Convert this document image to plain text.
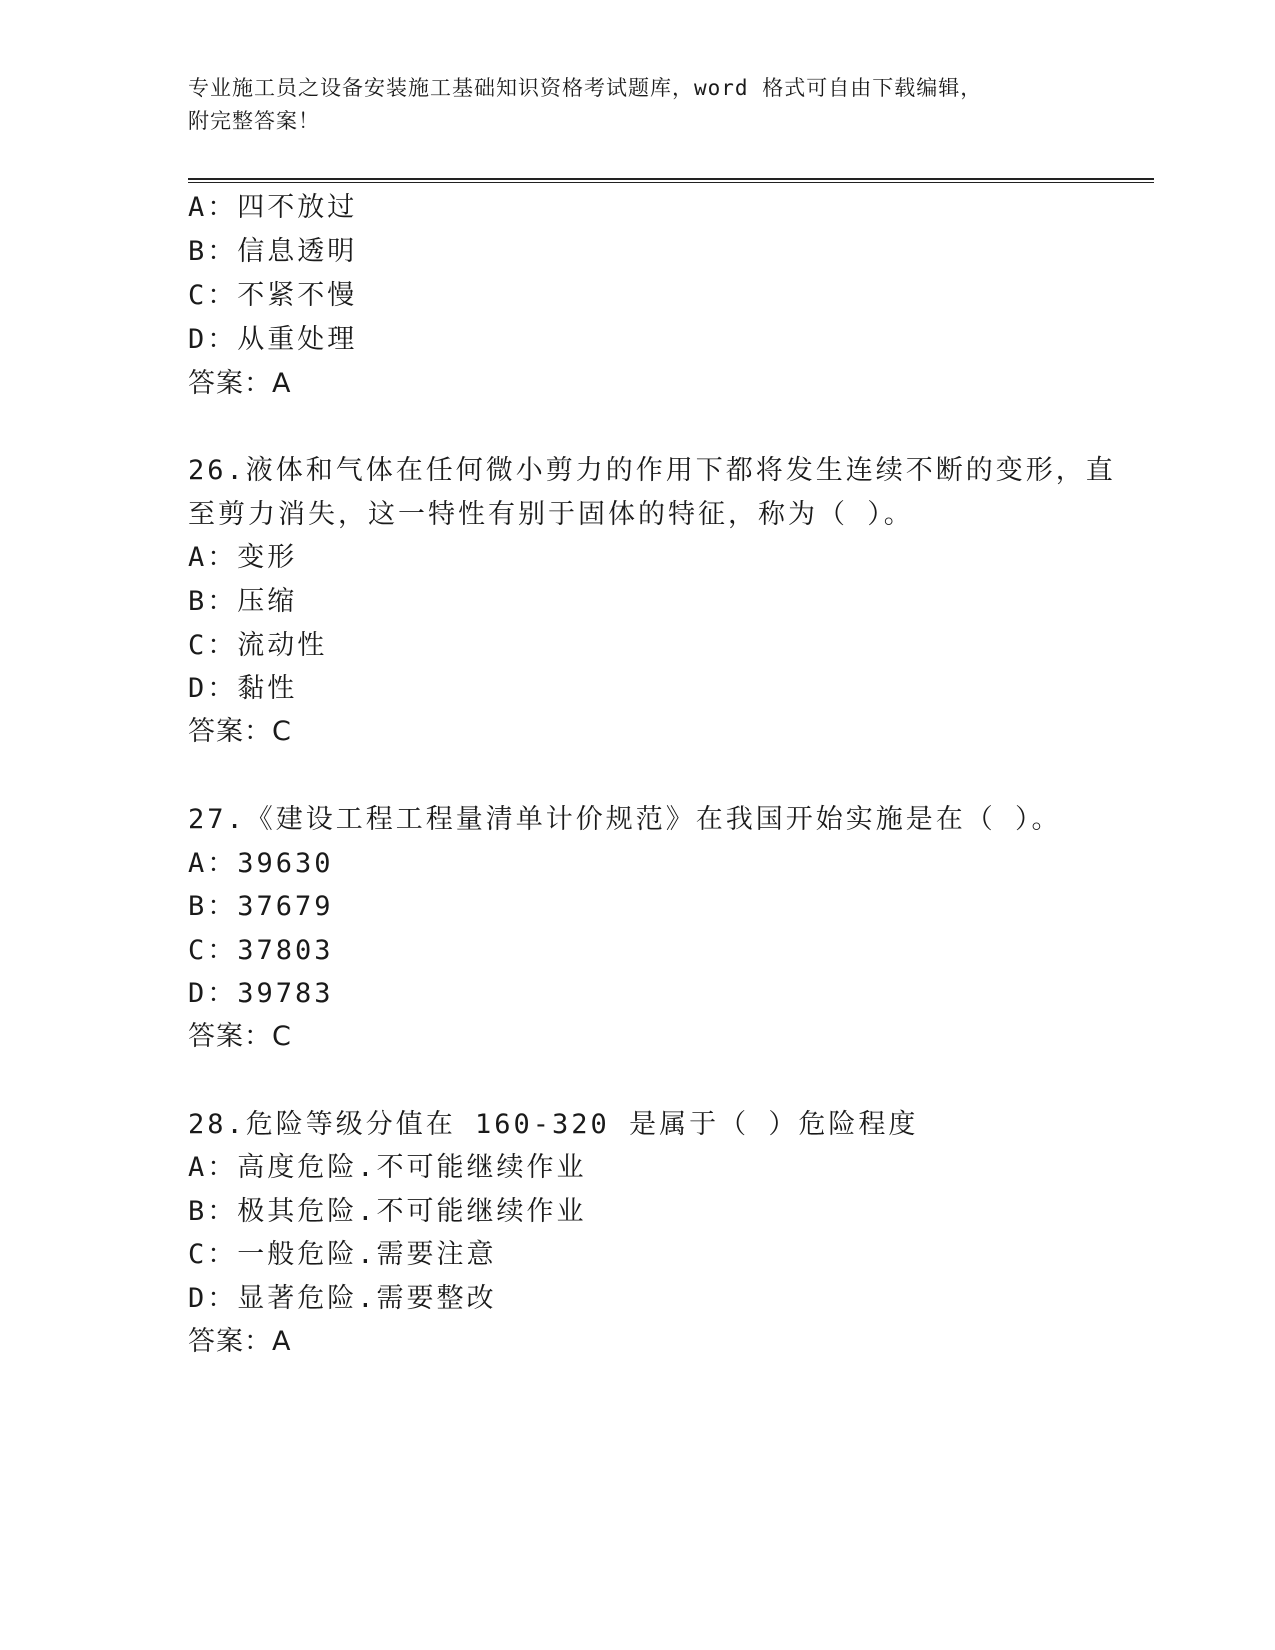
专业施工员之设备安装施工基础知识资格考试题库，word 格式可自由下载编辑，
附完整答案！
A：四不放过
B：信息透明
C：不紧不慢
D：从重处理
答案：A
26.液体和气体在任何微小剪力的作用下都将发生连续不断的变形，直
至剪力消失，这一特性有别于固体的特征，称为（ ）。
A：变形
B：压缩
C：流动性
D：黏性
答案：C
27.《建设工程工程量清单计价规范》在我国开始实施是在（ ）。
A：39630
B：37679
C：37803
D：39783
答案：C
28.危险等级分值在 160-320 是属于（ ）危险程度
A：高度危险.不可能继续作业
B：极其危险.不可能继续作业
C：一般危险.需要注意
D：显著危险.需要整改
答案：A
